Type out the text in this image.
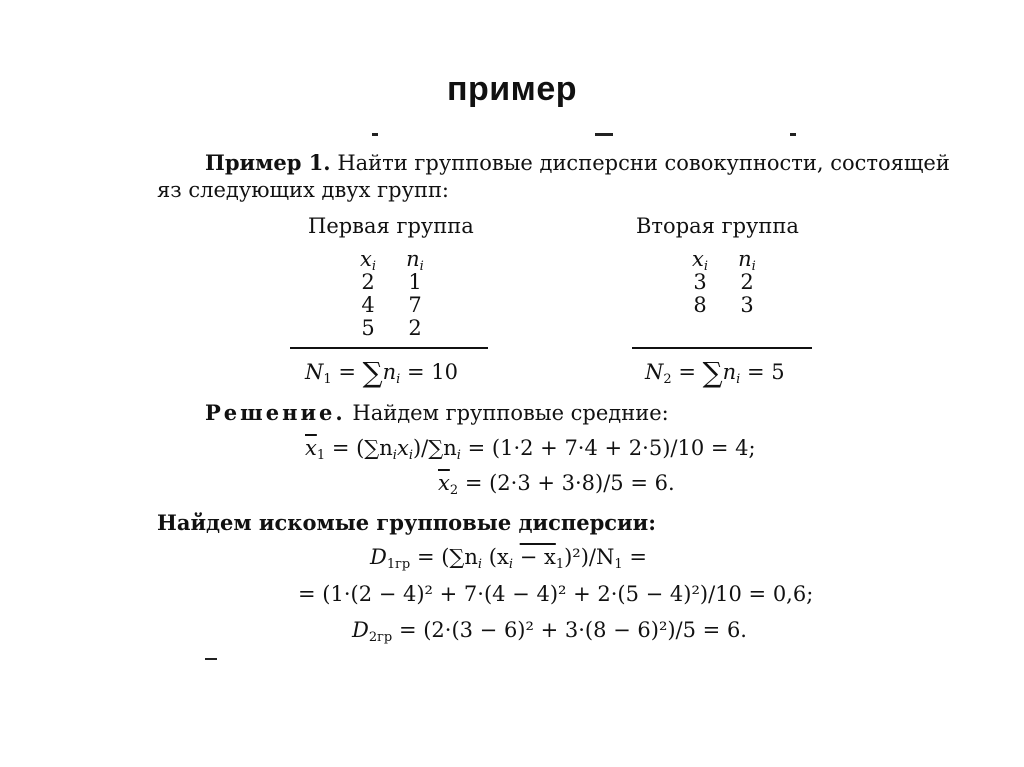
пример
Пример 1. Найти групповые дисперсни совокупности, состоящей
яз следующих двух групп:
Первая группа
$x_i$	$n_i$
2	1
4	7
5	2
$N_1 = \sum n_i = 10$
Вторая группа
$x_i$	$n_i$
3	2
8	3
$N_2 = \sum n_i = 5$
Решение. Найдем групповые средние:
$\overline{x}_1 = (\sum n_ix_i)/\sum n_i = (1\cdot 2 + 7\cdot 4 + 2\cdot 5)/10 = 4$;
$\overline{x}_2 = (2\cdot 3 + 3\cdot 8)/5 = 6$.
Найдем искомые групповые дисперсии:
$D_{1гр} = (\sum n_i$ $(x_i - x_1)^2)/N_1$ =
= (1·(2 − 4)² + 7·(4 − 4)² + 2·(5 − 4)²)/10 = 0,6;
$D_{2гр} = (2\cdot(3 - 6)^2 + 3\cdot(8 - 6)^2)/5 = 6$.
